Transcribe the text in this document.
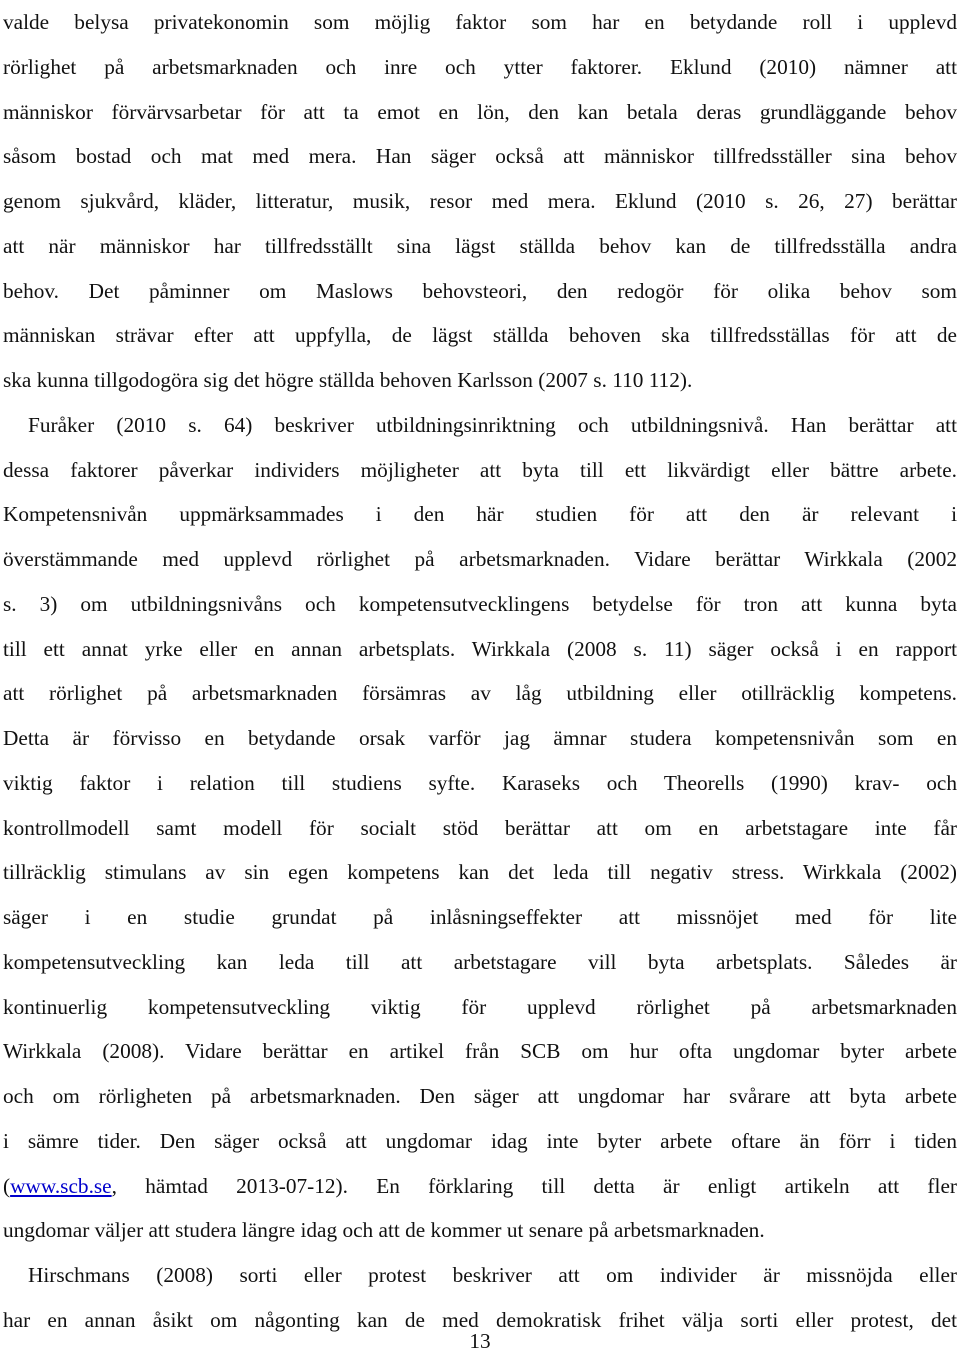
valde belysa privatekonomin som möjlig faktor som har en betydande roll i upplevd
rörlighet på arbetsmarknaden och inre och ytter faktorer. Eklund (2010) nämner att
människor förvärvsarbetar för att ta emot en lön, den kan betala deras grundläggande behov
såsom bostad och mat med mera. Han säger också att människor tillfredsställer sina behov
genom sjukvård, kläder, litteratur, musik, resor med mera. Eklund (2010 s. 26, 27) berättar
att när människor har tillfredsställt sina lägst ställda behov kan de tillfredsställa andra
behov. Det påminner om Maslows behovsteori, den redogör för olika behov som
människan strävar efter att uppfylla, de lägst ställda behoven ska tillfredsställas för att de
ska kunna tillgodogöra sig det högre ställda behoven Karlsson (2007 s. 110 112).
Furåker (2010 s. 64) beskriver utbildningsinriktning och utbildningsnivå. Han berättar att
dessa faktorer påverkar individers möjligheter att byta till ett likvärdigt eller bättre arbete.
Kompetensnivån uppmärksammades i den här studien för att den är relevant i
överstämmande med upplevd rörlighet på arbetsmarknaden. Vidare berättar Wirkkala (2002
s. 3) om utbildningsnivåns och kompetensutvecklingens betydelse för tron att kunna byta
till ett annat yrke eller en annan arbetsplats. Wirkkala (2008 s. 11) säger också i en rapport
att rörlighet på arbetsmarknaden försämras av låg utbildning eller otillräcklig kompetens.
Detta är förvisso en betydande orsak varför jag ämnar studera kompetensnivån som en
viktig faktor i relation till studiens syfte. Karaseks och Theorells (1990) krav- och
kontrollmodell samt modell för socialt stöd berättar att om en arbetstagare inte får
tillräcklig stimulans av sin egen kompetens kan det leda till negativ stress. Wirkkala (2002)
säger i en studie grundat på inlåsningseffekter att missnöjet med för lite
kompetensutveckling kan leda till att arbetstagare vill byta arbetsplats. Således är
kontinuerlig kompetensutveckling viktig för upplevd rörlighet på arbetsmarknaden
Wirkkala (2008). Vidare berättar en artikel från SCB om hur ofta ungdomar byter arbete
och om rörligheten på arbetsmarknaden. Den säger att ungdomar har svårare att byta arbete
i sämre tider. Den säger också att ungdomar idag inte byter arbete oftare än förr i tiden
(www.scb.se, hämtad 2013-07-12). En förklaring till detta är enligt artikeln att fler
ungdomar väljer att studera längre idag och att de kommer ut senare på arbetsmarknaden.
Hirschmans (2008) sorti eller protest beskriver att om individer är missnöjda eller
har en annan åsikt om någonting kan de med demokratisk frihet välja sorti eller protest, det
13
